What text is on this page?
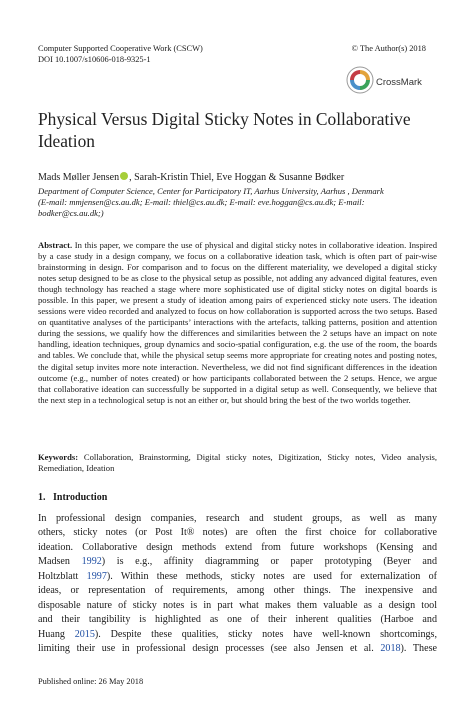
Computer Supported Cooperative Work (CSCW)
DOI 10.1007/s10606-018-9325-1
© The Author(s) 2018
CrossMark
Physical Versus Digital Sticky Notes in Collaborative
Ideation
Mads Møller Jensen , Sarah-Kristin Thiel, Eve Hoggan & Susanne Bødker
Department of Computer Science, Center for Participatory IT, Aarhus University, Aarhus , Denmark
(E-mail: mmjensen@cs.au.dk; E-mail: thiel@cs.au.dk; E-mail: eve.hoggan@cs.au.dk; E-mail:
bodker@cs.au.dk;)
Abstract. In this paper, we compare the use of physical and digital sticky notes in collaborative ideation. Inspired by a case study in a design company, we focus on a collaborative ideation task, which is often part of pair-wise brainstorming in design. For comparison and to focus on the different materiality, we developed a digital sticky notes setup designed to be as close to the physical setup as possible, not adding any advanced digital features, even though technology has reached a stage where more sophisticated use of digital sticky notes on digital boards is possible. In this paper, we present a study of ideation among pairs of experienced sticky note users. The ideation sessions were video recorded and analyzed to focus on how collaboration is supported across the two setups. Based on quantitative analyses of the participants’ interactions with the artefacts, talking patterns, position and attention during the sessions, we qualify how the differences and similarities between the 2 setups have an impact on note handling, ideation techniques, group dynamics and socio-spatial configuration, e.g. the use of the room, the boards and tables. We conclude that, while the physical setup seems more appropriate for creating notes and posting notes, the digital setup invites more note interaction. Nevertheless, we did not find significant differences in the ideation outcome (e.g., number of notes created) or how participants collaborated between the 2 setups. Hence, we argue that collaborative ideation can successfully be supported in a digital setup as well. Consequently, we believe that the next step in a technological setup is not an either or, but should bring the best of the two worlds together.
Keywords: Collaboration, Brainstorming, Digital sticky notes, Digitization, Sticky notes, Video analysis, Remediation, Ideation
1. Introduction
In professional design companies, research and student groups, as well as many
others, sticky notes (or Post It® notes) are often the first choice for collaborative
ideation. Collaborative design methods extend from future workshops (Kensing and
Madsen 1992) is e.g., affinity diagramming or paper prototyping (Beyer and
Holtzblatt 1997). Within these methods, sticky notes are used for externalization of
ideas, or representation of requirements, among other things. The inexpensive and
disposable nature of sticky notes is in part what makes them valuable as a design tool
and their tangibility is highlighted as one of their inherent qualities (Harboe and
Huang 2015). Despite these qualities, sticky notes have well-known shortcomings,
limiting their use in professional design processes (see also Jensen et al. 2018). These
Published online: 26 May 2018
